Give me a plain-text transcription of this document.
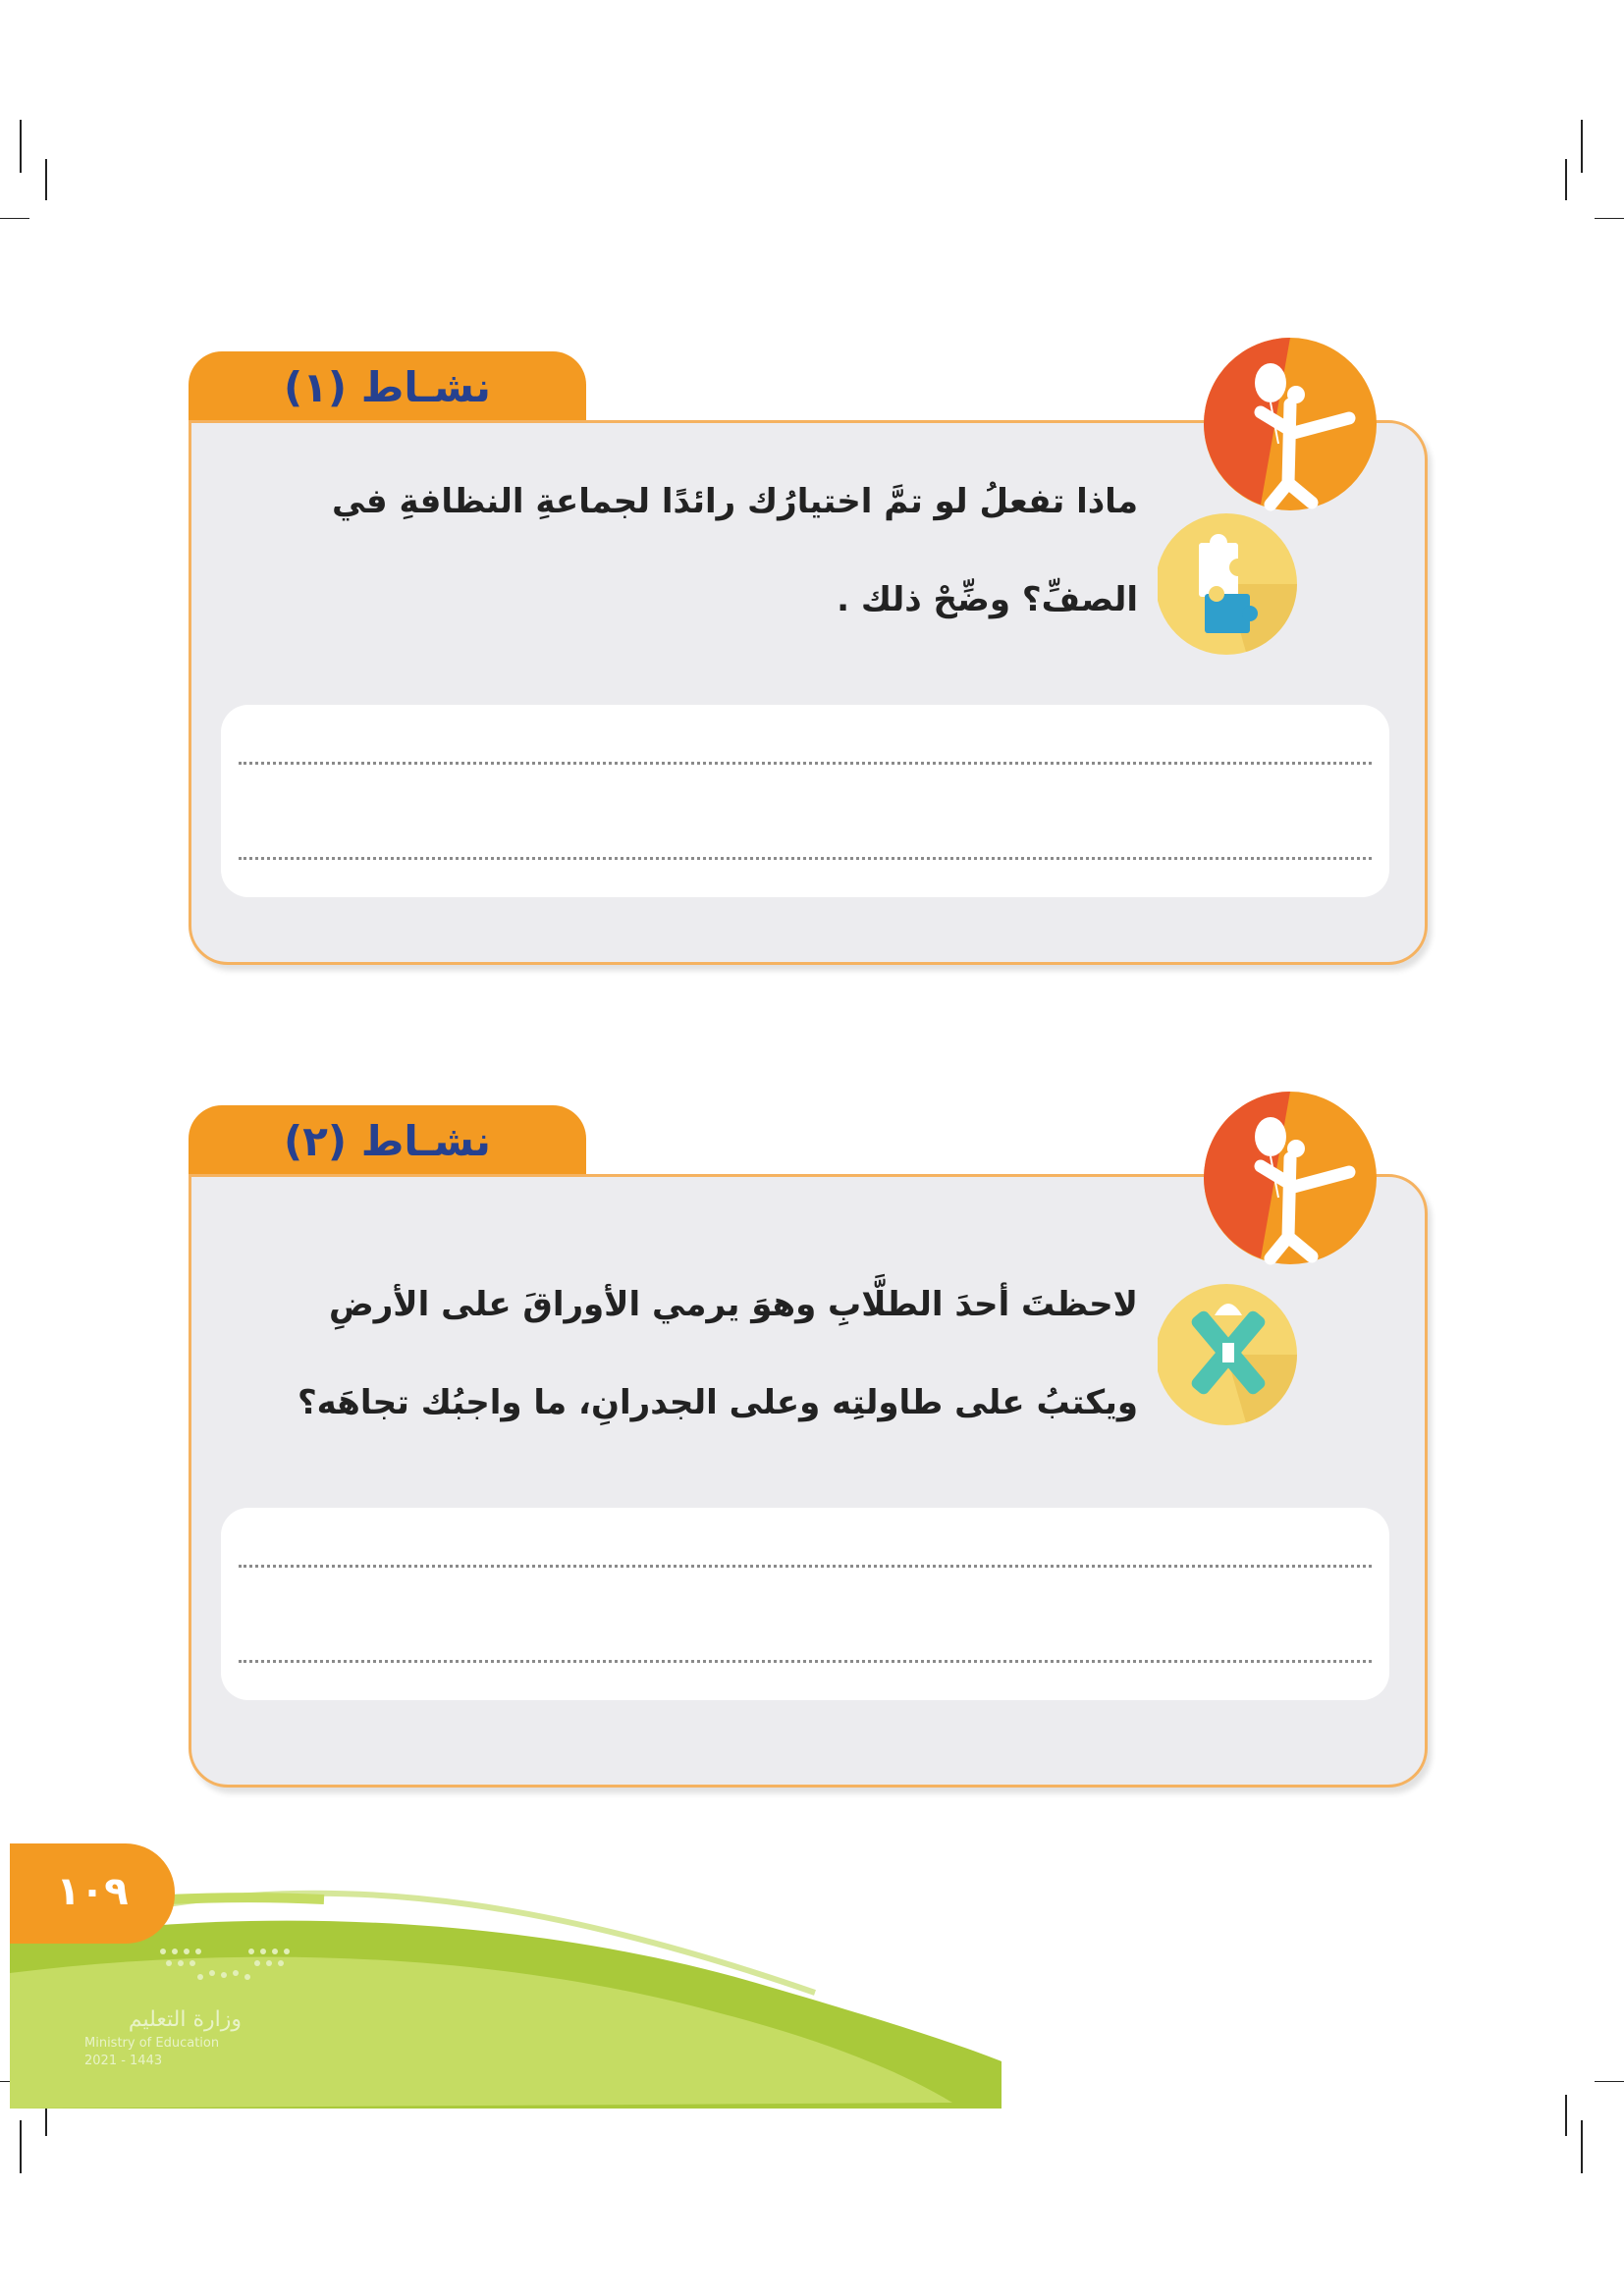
نشـاط (١)
ماذا تفعلُ لو تمَّ اختيارُك رائدًا لجماعةِ النظافةِ في الصفِّ؟ وضِّحْ ذلك .
نشـاط (٢)
لاحظتَ أحدَ الطلَّابِ وهوَ يرمي الأوراقَ على الأرضِ ويكتبُ على طاولتِه وعلى الجدرانِ، ما واجبُك تجاهَه؟
وزارة التعليم
Ministry of Education
2021 - 1443
١٠٩
